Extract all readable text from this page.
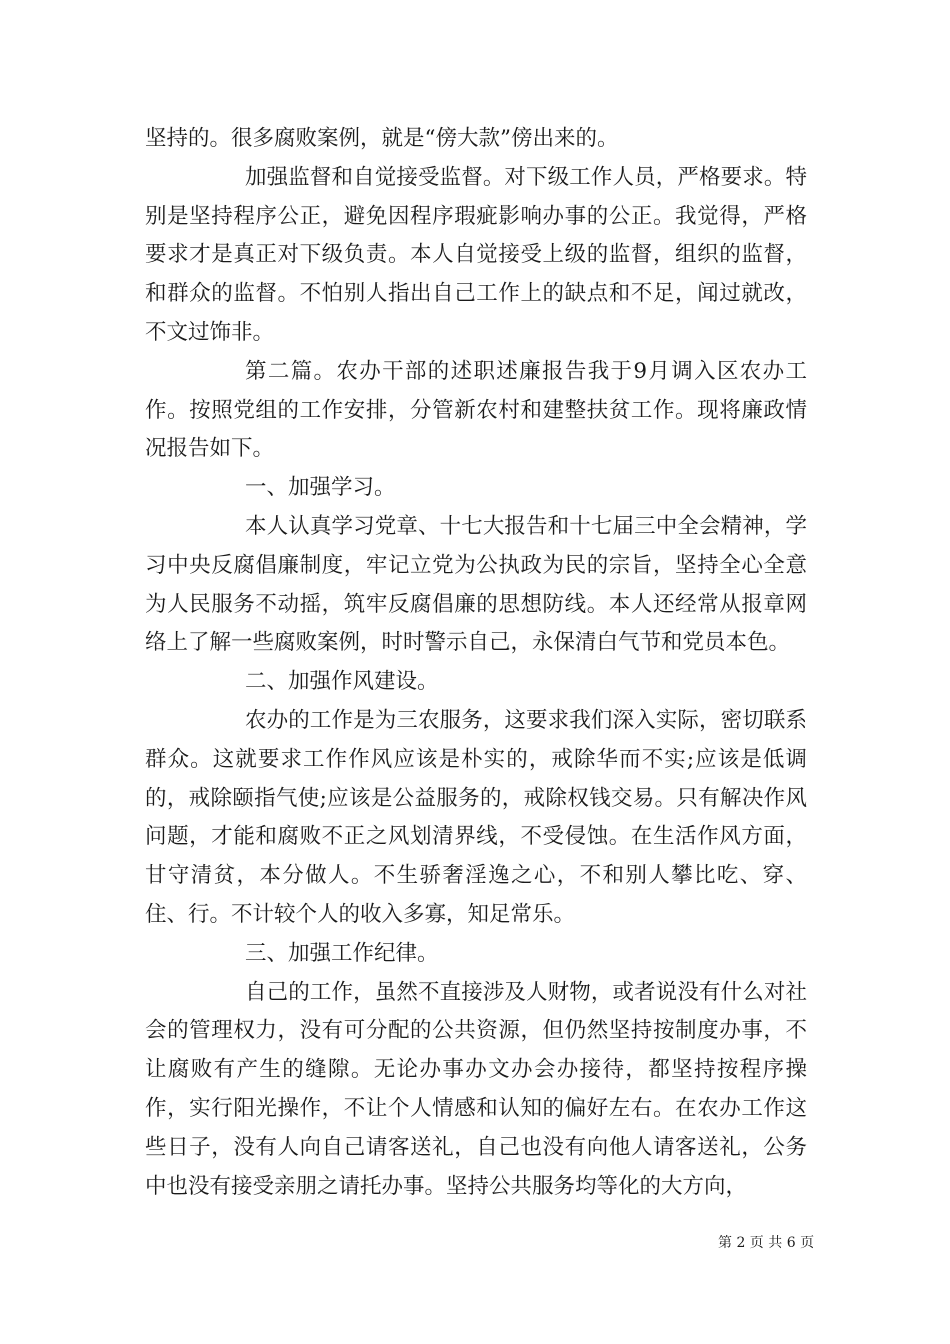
坚持的。很多腐败案例，就是“傍大款”傍出来的。

加强监督和自觉接受监督。对下级工作人员，严格要求。特别是坚持程序公正，避免因程序瑕疵影响办事的公正。我觉得，严格要求才是真正对下级负责。本人自觉接受上级的监督，组织的监督，和群众的监督。不怕别人指出自己工作上的缺点和不足，闻过就改，不文过饰非。

第二篇。农办干部的述职述廉报告我于9月调入区农办工作。按照党组的工作安排，分管新农村和建整扶贫工作。现将廉政情况报告如下。

一、加强学习。

本人认真学习党章、十七大报告和十七届三中全会精神，学习中央反腐倡廉制度，牢记立党为公执政为民的宗旨，坚持全心全意为人民服务不动摇，筑牢反腐倡廉的思想防线。本人还经常从报章网络上了解一些腐败案例，时时警示自己，永保清白气节和党员本色。

二、加强作风建设。

农办的工作是为三农服务，这要求我们深入实际，密切联系群众。这就要求工作作风应该是朴实的，戒除华而不实;应该是低调的，戒除颐指气使;应该是公益服务的，戒除权钱交易。只有解决作风问题，才能和腐败不正之风划清界线，不受侵蚀。在生活作风方面，甘守清贫，本分做人。不生骄奢淫逸之心，不和别人攀比吃、穿、住、行。不计较个人的收入多寡，知足常乐。

三、加强工作纪律。

自己的工作，虽然不直接涉及人财物，或者说没有什么对社会的管理权力，没有可分配的公共资源，但仍然坚持按制度办事，不让腐败有产生的缝隙。无论办事办文办会办接待，都坚持按程序操作，实行阳光操作，不让个人情感和认知的偏好左右。在农办工作这些日子，没有人向自己请客送礼，自己也没有向他人请客送礼，公务中也没有接受亲朋之请托办事。坚持公共服务均等化的大方向，

第 2 页 共 6 页
